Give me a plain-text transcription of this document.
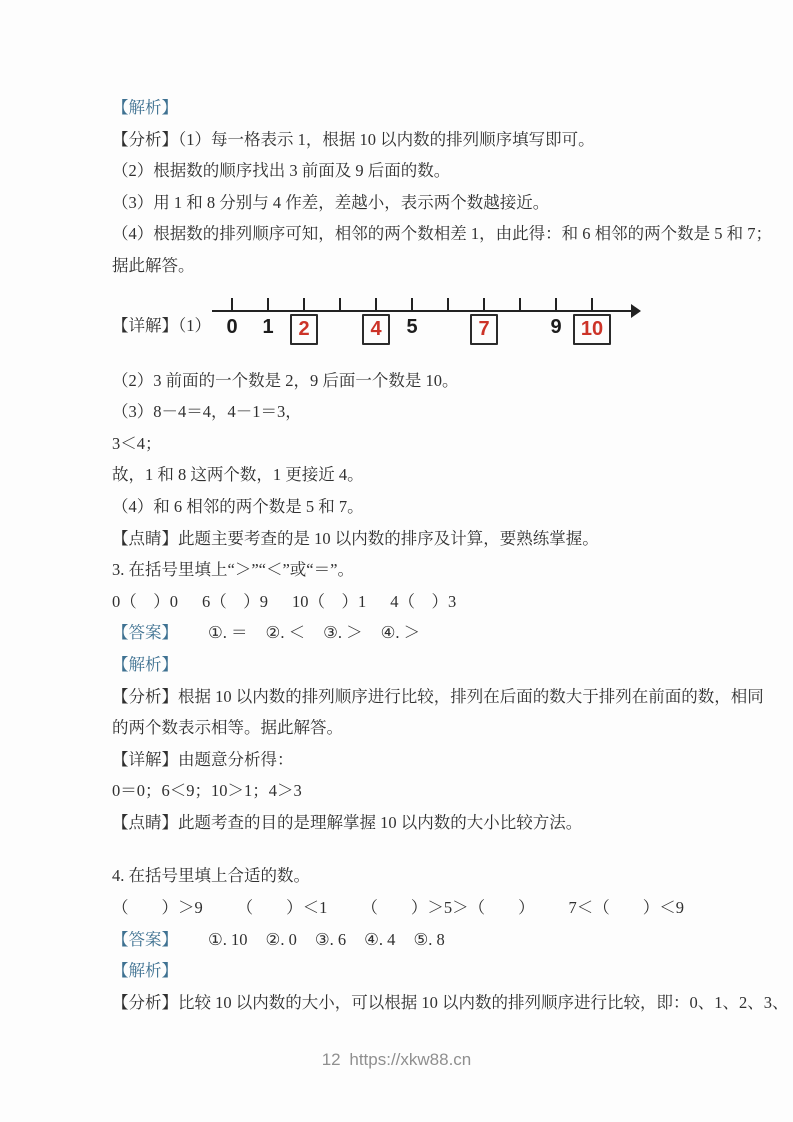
【解析】

【分析】（1）每一格表示 1，根据 10 以内数的排列顺序填写即可。

（2）根据数的顺序找出 3 前面及 9 后面的数。

（3）用 1 和 8 分别与 4 作差，差越小，表示两个数越接近。

（4）根据数的排列顺序可知，相邻的两个数相差 1，由此得：和 6 相邻的两个数是 5 和 7；

据此解答。

【详解】（1） 0 1	2	4	5	7	9 10

（2）3 前面的一个数是 2，9 后面一个数是 10。

（3）8－4＝4，4－1＝3，

3＜4；

故，1 和 8 这两个数，1 更接近 4。

（4）和 6 相邻的两个数是 5 和 7。

【点睛】此题主要考查的是 10 以内数的排序及计算，要熟练掌握。

3. 在括号里填上“＞”“＜”或“＝”。

0（　）0 6（　）9 10（　）1 4（　）3
【答案】 ①. ＝ ②. ＜ ③. ＞ ④. ＞

【解析】

【分析】根据 10 以内数的排列顺序进行比较，排列在后面的数大于排列在前面的数，相同

的两个数表示相等。据此解答。

【详解】由题意分析得：

0＝0；6＜9；10＞1；4＞3

【点睛】此题考查的目的是理解掌握 10 以内数的大小比较方法。

4. 在括号里填上合适的数。

（　　）＞9 （　　）＜1 （　　）＞5＞（　　） 7＜（　　）＜9
【答案】 ①. 10 ②. 0 ③. 6 ④. 4 ⑤. 8

【解析】

【分析】比较 10 以内数的大小，可以根据 10 以内数的排列顺序进行比较，即：0、1、2、3、

12 https://xkw88.cn
